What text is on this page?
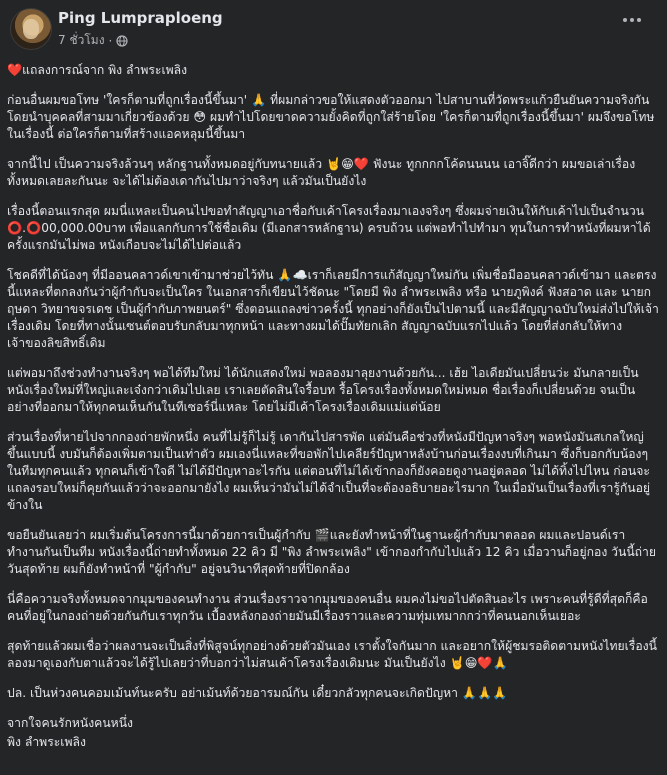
Ping Lumpraploeng
7 ชั่วโมง ·

❤️แถลงการณ์จาก พิง ลำพระเพลิง

ก่อนอื่นผมขอโทษ 'ใครก็ตามที่ถูกเรื่องนี้ขึ้นมา' 🙏 ที่ผมกล่าวขอให้แสดงตัวออกมา ไปสาบานที่วัดพระแก้วยืนยันความจริงกัน โดยนำบุคคลที่สามมาเกี่ยวข้องด้วย 😳 ผมทำไปโดยขาดความยั้งคิดที่ถูกใส่ร้ายโดย 'ใครก็ตามที่ถูกเรื่องนี้ขึ้นมา' ผมจึงขอโทษในเรื่องนี้ ต่อใครก็ตามที่สร้างแอคหลุมนี้ขึ้นมา

จากนี้ไป เป็นความจริงล้วนๆ หลักฐานทั้งหมดอยู่กับทนายแล้ว 🤘😁❤️ ฟังนะ ทูกกกกโค้ดนนนน เอาจิ๊ดีกว่า ผมขอเล่าเรื่องทั้งหมดเลยละกันนะ จะได้ไม่ต้องเดากันไปมาว่าจริงๆ แล้วมันเป็นยังไง

เรื่องนี้ตอนแรกสุด ผมนี่แหละเป็นคนไปขอทำสัญญาเอาชื่อกับเค้าโครงเรื่องมาเองจริงๆ ซึ่งผมจ่ายเงินให้กับเค้าไปเป็นจำนวน ⭕.⭕00,000.00บาท เพื่อแลกกับการใช้ชื่อเดิม (มีเอกสารหลักฐาน) ครบถ้วน แต่พอทำไปทำมา ทุนในการทำหนังที่ผมหาได้ครั้งแรกมันไม่พอ หนังเกือบจะไม่ได้ไปต่อแล้ว

โชคดีที่ได้น้องๆ ที่มีออนคลาวด์เขาเข้ามาช่วยไว้ทัน 🙏☁️เราก็เลยมีการแก้สัญญาใหม่กัน เพิ่มชื่อมีออนคลาวด์เข้ามา และตรงนี้แหละที่ตกลงกันว่าผู้กำกับจะเป็นใคร ในเอกสารก็เขียนไว้ชัดนะ "โดยมี พิง ลำพระเพลิง หรือ นายภูพิงค์ ฟังสอาด และ นายกฤษดา วิทยาขจรเดช เป็นผู้กำกับภาพยนตร์" ซึ่งตอนแถลงข่าวครั้งนี้ ทุกอย่างก็ยังเป็นไปตามนี้ และมีสัญญาฉบับใหม่ส่งไปให้เจ้าเรื่องเดิม โดยที่ทางนั้นเซนต์ตอบรับกลับมาทุกหน้า และทางผมได้ปั๊มทัยกเลิก สัญญาฉบับแรกไปแล้ว โดยที่ส่งกลับให้ทางเจ้าของลิขสิทธิ์เดิม

แต่พอมาถึงช่วงทำงานจริงๆ พอได้ทีมใหม่ ได้นักแสดงใหม่ พอลองมาลุยงานด้วยกัน... เฮ้ย ไอเดียมันเปลี่ยนว่ะ มันกลายเป็นหนังเรื่องใหม่ที่ใหญ่และเจ๋งกว่าเดิมไปเลย เราเลยตัดสินใจรื้อบท รื้อโครงเรื่องทั้งหมดใหม่หมด ชื่อเรื่องก็เปลี่ยนด้วย จนเป็นอย่างที่ออกมาให้ทุกคนเห็นกันในทีเซอร์นี่แหละ โดยไม่มีเค้าโครงเรื่องเดิมแม่แต่น้อย

ส่วนเรื่องที่หายไปจากกองถ่ายพักหนึ่ง คนที่ไม่รู้ก็ไม่รู้ เดากันไปสารพัด แต่มันคือช่วงที่หนังมีปัญหาจริงๆ พอหนังมันสเกลใหญ่ขึ้นแบบนี้ งบมันก็ต้องเพิ่มตามเป็นเท่าตัว ผมเองนี่แหละที่ขอพักไปเคลียร์ปัญหาหลังบ้านก่อนเรื่องงบที่เกินมา ซึ่งก็บอกกับน้องๆ ในทีมทุกคนแล้ว ทุกคนก็เข้าใจดี ไม่ได้มีปัญหาอะไรกัน แต่ตอนที่ไม่ได้เข้ากองก็ยังคอยดูงานอยู่ตลอด ไม่ได้ทิ้งไปไหน ก่อนจะแถลงรอบใหม่ก็คุยกันแล้วว่าจะออกมายังไง ผมเห็นว่ามันไม่ได้จำเป็นที่จะต้องอธิบายอะไรมาก ในเมื่อมันเป็นเรื่องที่เรารู้กันอยู่ข้างใน

ขอยืนยันเลยว่า ผมเริ่มต้นโครงการนี้มาด้วยการเป็นผู้กำกับ 🎬และยังทำหน้าที่ในฐานะผู้กำกับมาตลอด ผมและปอนด์เราทำงานกันเป็นทีม หนังเรื่องนี้ถ่ายทำทั้งหมด 22 คิว มี "พิง ลำพระเพลิง" เข้ากองกำกับไปแล้ว 12 คิว เมื่อวานก็อยู่กอง วันนี้ถ่ายวันสุดท้าย ผมก็ยังทำหน้าที่ "ผู้กำกับ" อยู่จนวินาทีสุดท้ายที่ปิดกล้อง

นี่คือความจริงทั้งหมดจากมุมของคนทำงาน ส่วนเรื่องราวจากมุมของคนอื่น ผมคงไม่ขอไปตัดสินอะไร เพราะคนที่รู้ดีที่สุดก็คือคนที่อยู่ในกองถ่ายด้วยกันกับเราทุกวัน เบื้องหลังกองถ่ายมันมีเรื่องราวและความทุ่มเทมากกว่าที่คนนอกเห็นเยอะ

สุดท้ายแล้วผมเชื่อว่าผลงานจะเป็นสิ่งที่พิสูจน์ทุกอย่างด้วยตัวมันเอง เราตั้งใจกันมาก และอยากให้ผู้ชมรอติดตามหนังไทยเรื่องนี้ ลองมาดูเองกับตาแล้วจะได้รู้ไปเลยว่าที่บอกว่าไม่สนเค้าโครงเรื่องเดิมนะ มันเป็นยังไง 🤘😁❤️🙏

ปล. เป็นห่วงคนคอมเม้นท์นะครับ อย่าเม้นท์ด้วยอารมณ์กัน เดี๋ยวกลัวทุกคนจะเกิดปัญหา 🙏🙏🙏

จากใจคนรักหนังคนหนึ่ง

พิง ลำพระเพลิง
